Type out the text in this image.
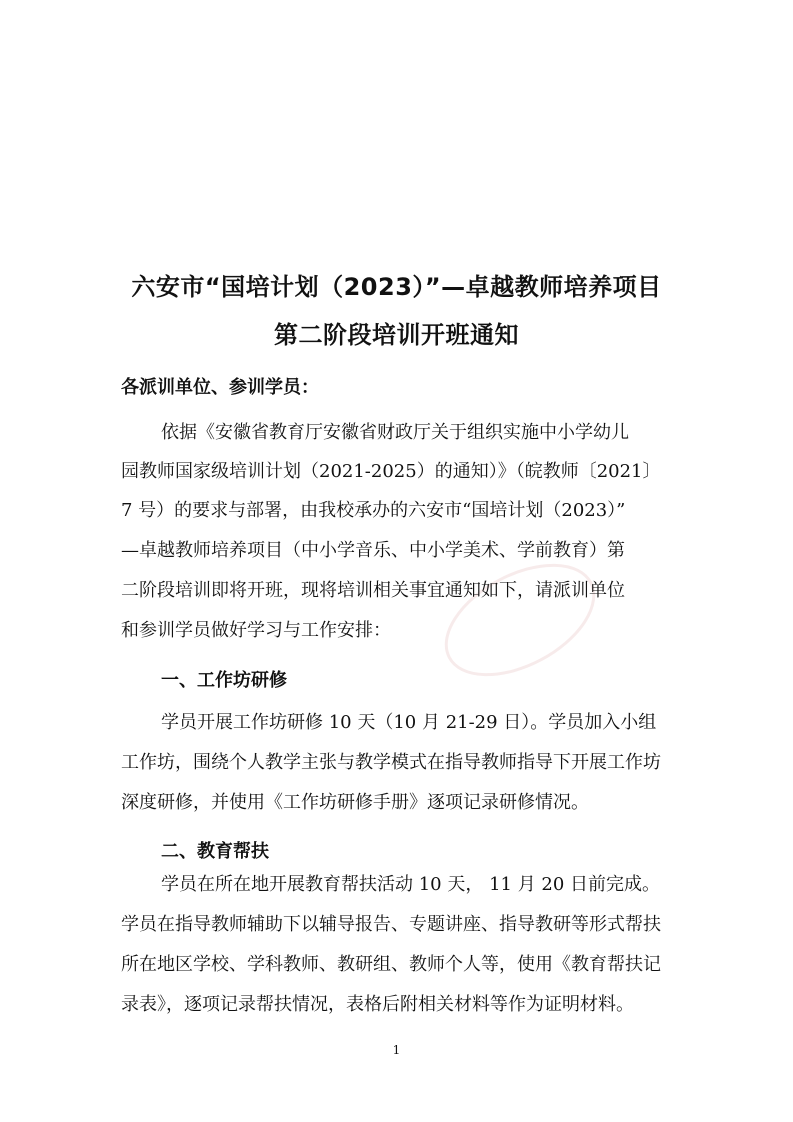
六安市“国培计划（2023）”—卓越教师培养项目
第二阶段培训开班通知
各派训单位、参训学员：
依据《安徽省教育厅安徽省财政厅关于组织实施中小学幼儿
园教师国家级培训计划（2021-2025）的通知）》（皖教师〔2021〕
7 号）的要求与部署，由我校承办的六安市“国培计划（2023）”
—卓越教师培养项目（中小学音乐、中小学美术、学前教育）第
二阶段培训即将开班，现将培训相关事宜通知如下，请派训单位
和参训学员做好学习与工作安排：
一、工作坊研修
学员开展工作坊研修 10 天（10 月 21-29 日）。学员加入小组
工作坊，围绕个人教学主张与教学模式在指导教师指导下开展工作坊
深度研修，并使用《工作坊研修手册》逐项记录研修情况。
二、教育帮扶
学员在所在地开展教育帮扶活动 10 天， 11 月 20 日前完成。
学员在指导教师辅助下以辅导报告、专题讲座、指导教研等形式帮扶
所在地区学校、学科教师、教研组、教师个人等，使用《教育帮扶记
录表》，逐项记录帮扶情况，表格后附相关材料等作为证明材料。
1
